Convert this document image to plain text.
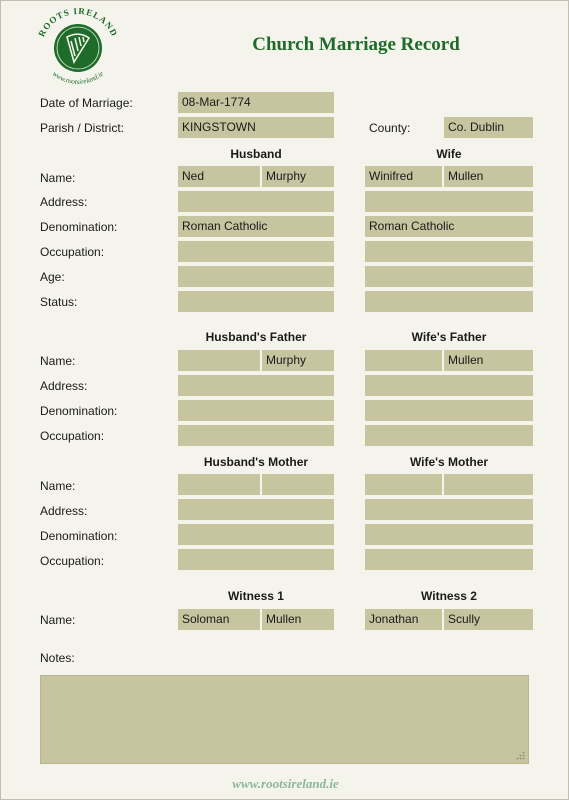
ROOTS IRELAND
www.rootsireland.ie
Church Marriage Record
Date of Marriage:	08-Mar-1774
Parish / District:	KINGSTOWN	County:	Co. Dublin
Husband	Wife
Name:	Ned	Murphy	Winifred	Mullen
Address:
Denomination:	Roman Catholic	Roman Catholic
Occupation:
Age:
Status:
Husband's Father	Wife's Father
Name:	Murphy	Mullen
Address:
Denomination:
Occupation:
Husband's Mother	Wife's Mother
Name:
Address:
Denomination:
Occupation:
Witness 1	Witness 2
Name:	Soloman	Mullen	Jonathan	Scully
Notes:
www.rootsireland.ie
